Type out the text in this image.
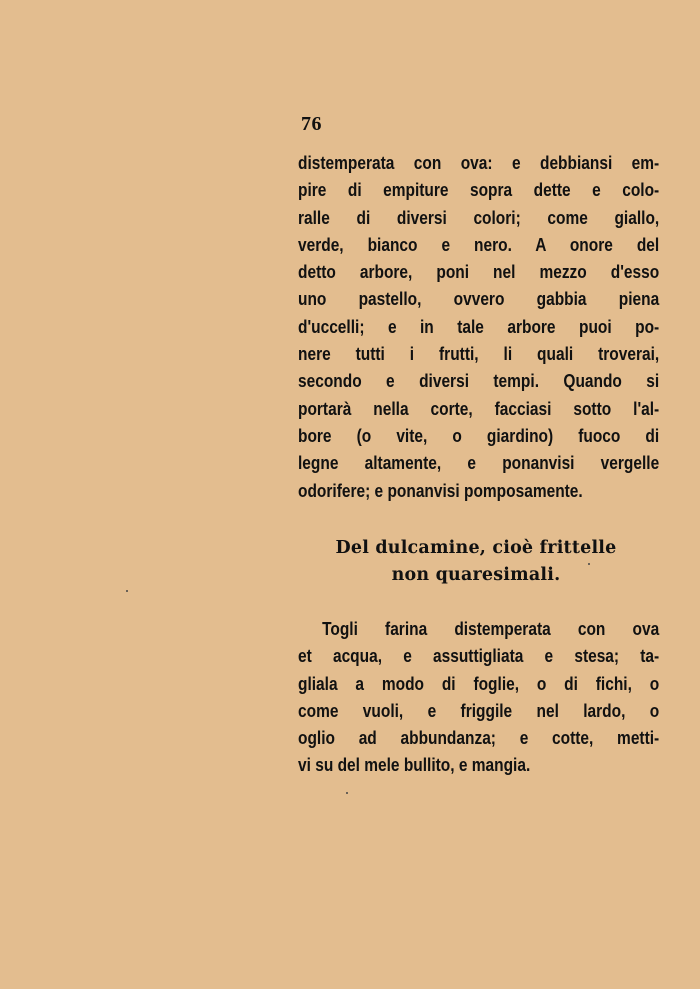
76
distemperata con ova: e debbiansi em-
pire di empiture sopra dette e colo-
ralle di diversi colori; come giallo,
verde, bianco e nero. A onore del
detto arbore, poni nel mezzo d'esso
uno pastello, ovvero gabbia piena
d'uccelli; e in tale arbore puoi po-
nere tutti i frutti, li quali troverai,
secondo e diversi tempi. Quando si
portarà nella corte, facciasi sotto l'al-
bore (o vite, o giardino) fuoco di
legne altamente, e ponanvisi vergelle
odorifere; e ponanvisi pomposamente.
Del dulcamine, cioè frittelle
non quaresimali.
Togli farina distemperata con ova
et acqua, e assuttigliata e stesa; ta-
gliala a modo di foglie, o di fichi, o
come vuoli, e friggile nel lardo, o
oglio ad abbundanza; e cotte, metti-
vi su del mele bullito, e mangia.
